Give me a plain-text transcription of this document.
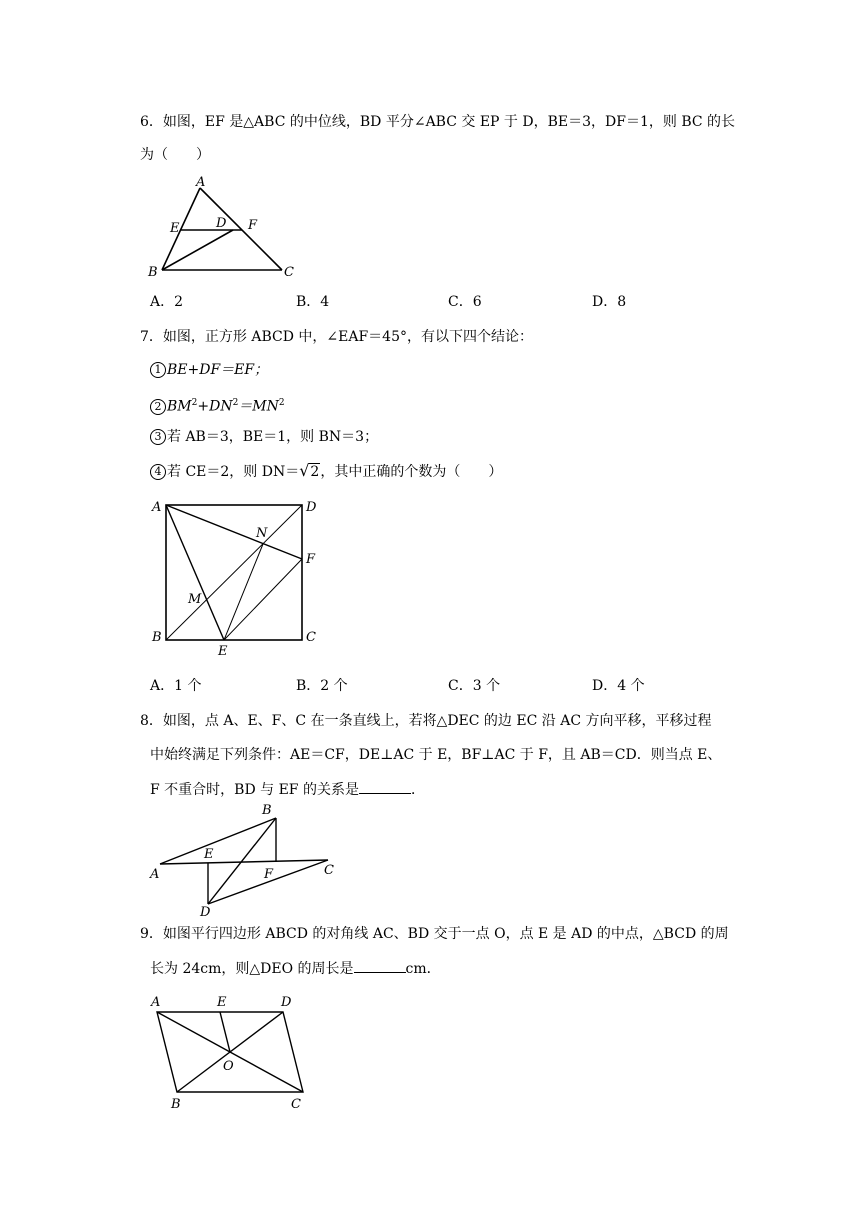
6．如图，EF 是△ABC 的中位线，BD 平分∠ABC 交 EP 于 D，BE＝3，DF＝1，则 BC 的长
为（　　）
A
E	D F
B	C
A．2	B．4	C．6	D．8
7．如图，正方形 ABCD 中，∠EAF＝45°，有以下四个结论：
1 BE+DF＝EF；
2 $BM^2+DN^2=MN^2$
3 若 AB＝3，BE＝1，则 BN＝3；
4 若 CE＝2，则 DN＝√2，其中正确的个数为（　　）
A	D
N
F
M
B
E
C
A．1 个	B．2 个	C．3 个	D．4 个
8．如图，点 A、E、F、C 在一条直线上，若将△DEC 的边 EC 沿 AC 方向平移，平移过程
中始终满足下列条件：AE＝CF，DE⊥AC 于 E，BF⊥AC 于 F，且 AB＝CD．则当点 E、
F 不重合时，BD 与 EF 的关系是	．
B
E
A	F	C
D
9．如图平行四边形 ABCD 的对角线 AC、BD 交于一点 O，点 E 是 AD 的中点，△BCD 的周
长为 24cm，则△DEO 的周长是	cm．
A	E	D
O
B	C
